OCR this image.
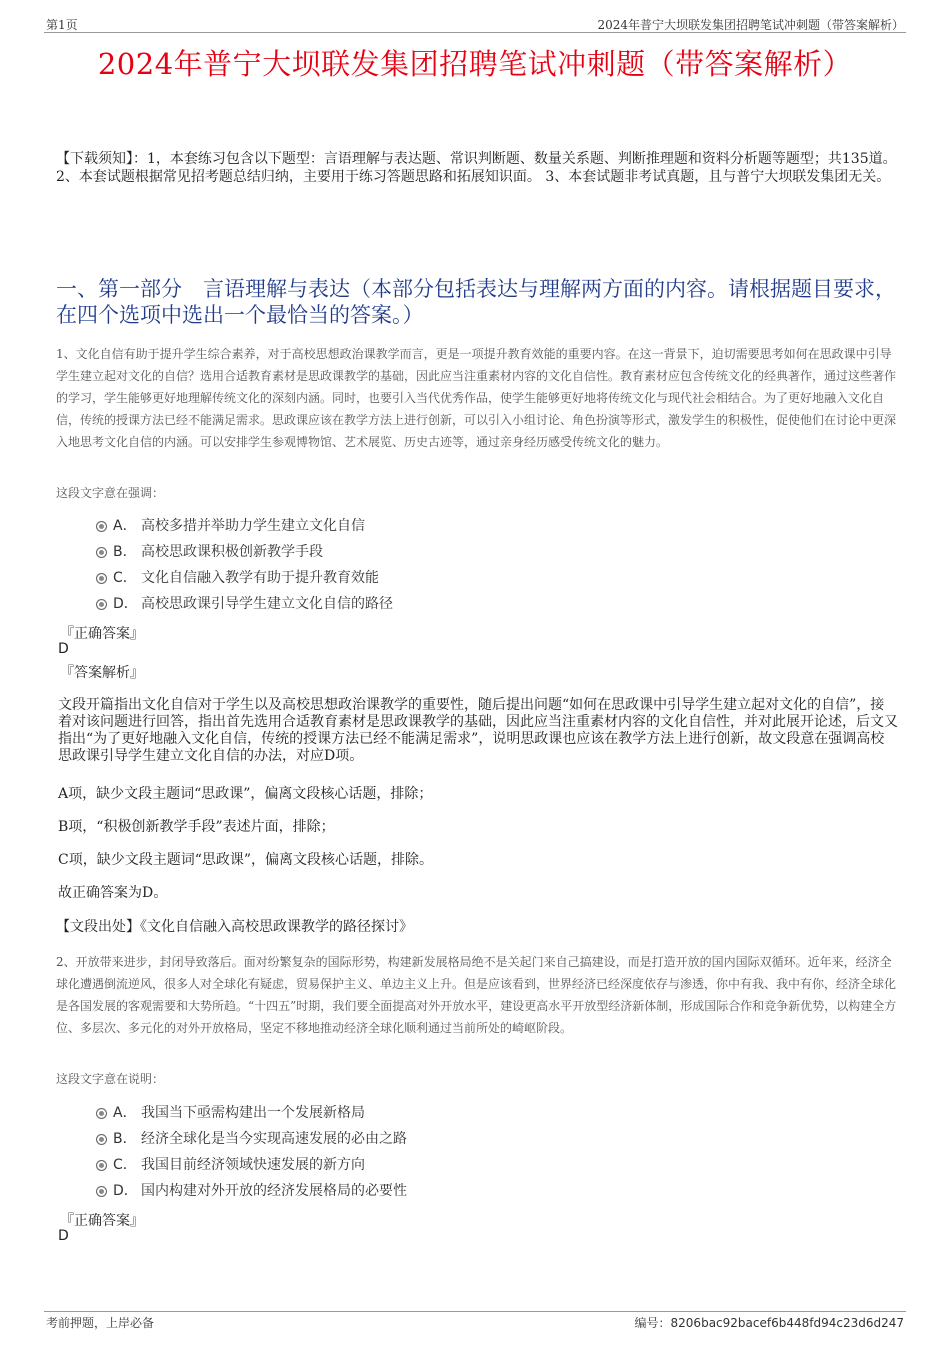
第1页	2024年普宁大坝联发集团招聘笔试冲刺题（带答案解析）
2024年普宁大坝联发集团招聘笔试冲刺题（带答案解析）
【下载须知】：1，本套练习包含以下题型：言语理解与表达题、常识判断题、数量关系题、判断推理题和资料分析题等题型；共135道。 2、本套试题根据常见招考题总结归纳，主要用于练习答题思路和拓展知识面。 3、本套试题非考试真题，且与普宁大坝联发集团无关。
一、第一部分　言语理解与表达（本部分包括表达与理解两方面的内容。请根据题目要求，在四个选项中选出一个最恰当的答案。）
1、文化自信有助于提升学生综合素养，对于高校思想政治课教学而言，更是一项提升教育效能的重要内容。在这一背景下，迫切需要思考如何在思政课中引导学生建立起对文化的自信？选用合适教育素材是思政课教学的基础，因此应当注重素材内容的文化自信性。教育素材应包含传统文化的经典著作，通过这些著作的学习，学生能够更好地理解传统文化的深刻内涵。同时，也要引入当代优秀作品，使学生能够更好地将传统文化与现代社会相结合。为了更好地融入文化自信，传统的授课方法已经不能满足需求。思政课应该在教学方法上进行创新，可以引入小组讨论、角色扮演等形式，激发学生的积极性，促使他们在讨论中更深入地思考文化自信的内涵。可以安排学生参观博物馆、艺术展览、历史古迹等，通过亲身经历感受传统文化的魅力。
这段文字意在强调：
A． 高校多措并举助力学生建立文化自信
B． 高校思政课积极创新教学手段
C． 文化自信融入教学有助于提升教育效能
D． 高校思政课引导学生建立文化自信的路径
『正确答案』
D
『答案解析』
文段开篇指出文化自信对于学生以及高校思想政治课教学的重要性，随后提出问题“如何在思政课中引导学生建立起对文化的自信”，接着对该问题进行回答，指出首先选用合适教育素材是思政课教学的基础，因此应当注重素材内容的文化自信性，并对此展开论述，后文又指出“为了更好地融入文化自信，传统的授课方法已经不能满足需求”，说明思政课也应该在教学方法上进行创新，故文段意在强调高校思政课引导学生建立文化自信的办法，对应D项。
A项，缺少文段主题词“思政课”，偏离文段核心话题，排除；
B项，“积极创新教学手段”表述片面，排除；
C项，缺少文段主题词“思政课”，偏离文段核心话题，排除。
故正确答案为D。
【文段出处】《文化自信融入高校思政课教学的路径探讨》
2、开放带来进步，封闭导致落后。面对纷繁复杂的国际形势，构建新发展格局绝不是关起门来自己搞建设，而是打造开放的国内国际双循环。近年来，经济全球化遭遇倒流逆风，很多人对全球化有疑虑，贸易保护主义、单边主义上升。但是应该看到，世界经济已经深度依存与渗透，你中有我、我中有你，经济全球化是各国发展的客观需要和大势所趋。“十四五”时期，我们要全面提高对外开放水平，建设更高水平开放型经济新体制，形成国际合作和竞争新优势，以构建全方位、多层次、多元化的对外开放格局，坚定不移地推动经济全球化顺利通过当前所处的崎岖阶段。
这段文字意在说明：
A． 我国当下亟需构建出一个发展新格局
B． 经济全球化是当今实现高速发展的必由之路
C． 我国目前经济领域快速发展的新方向
D． 国内构建对外开放的经济发展格局的必要性
『正确答案』
D
考前押题，上岸必备	编号：8206bac92bacef6b448fd94c23d6d247
